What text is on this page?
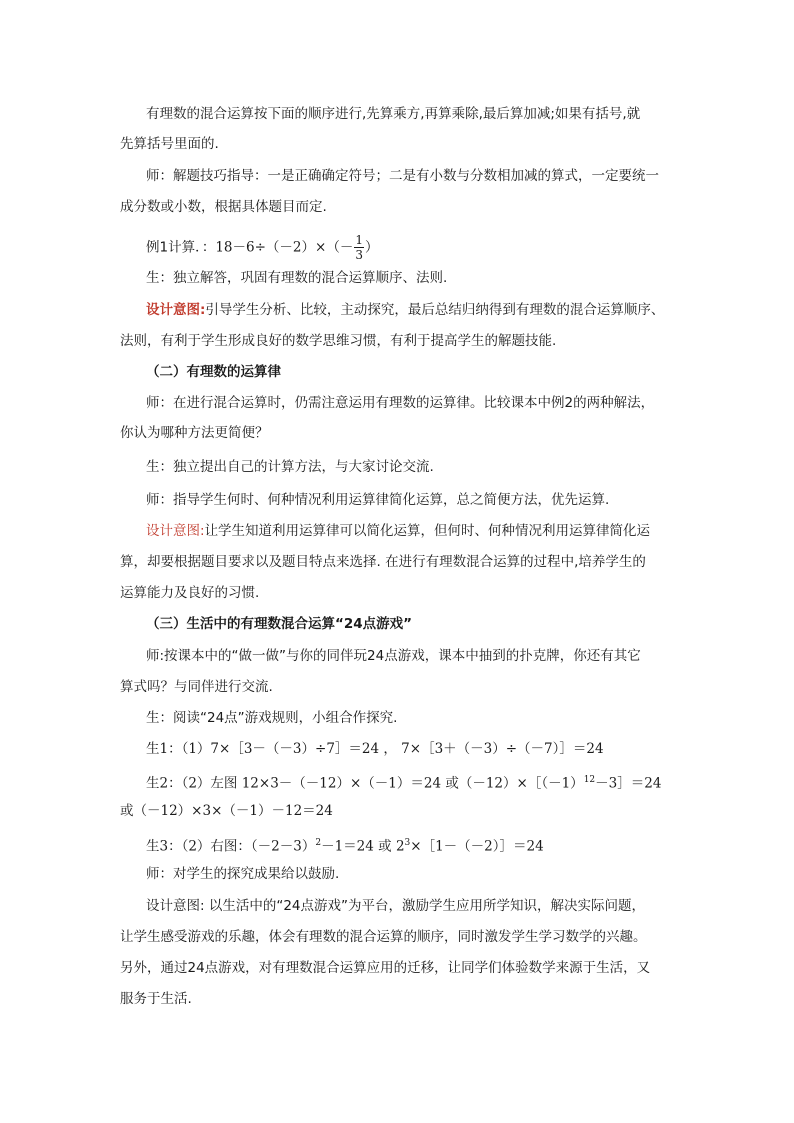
有理数的混合运算按下面的顺序进行,先算乘方,再算乘除,最后算加减;如果有括号,就
先算括号里面的.
师：解题技巧指导：一是正确确定符号；二是有小数与分数相加减的算式，一定要统一
成分数或小数，根据具体题目而定.
例1计算．：$18-6\div(-2)\times(- \frac{1}{3}$ ）
生：独立解答，巩固有理数的混合运算顺序、法则.
设计意图:引导学生分析、比较，主动探究，最后总结归纳得到有理数的混合运算顺序、
法则，有利于学生形成良好的数学思维习惯，有利于提高学生的解题技能.
（二）有理数的运算律
师：在进行混合运算时，仍需注意运用有理数的运算律。比较课本中例2的两种解法，
你认为哪种方法更简便？
生：独立提出自己的计算方法，与大家讨论交流.
师：指导学生何时、何种情况利用运算律简化运算，总之简便方法，优先运算.
设计意图:让学生知道利用运算律可以简化运算，但何时、何种情况利用运算律简化运
算，却要根据题目要求以及题目特点来选择. 在进行有理数混合运算的过程中,培养学生的
运算能力及良好的习惯.
（三）生活中的有理数混合运算“24点游戏”
师:按课本中的“做一做”与你的同伴玩24点游戏，课本中抽到的扑克牌，你还有其它
算式吗？与同伴进行交流.
生：阅读“24点”游戏规则，小组合作探究.
生1：（1）7×［3－（－3）÷7］＝24 ， 7×［3＋（－3）÷（－7）］＝24
生2：（2）左图 12×3－（－12）×（－1）＝24 或$(-12)\times[(-1)^{12}-3]=24$
或（－12）×3×（－1）－12＝24
生3：（2）右图：$(-2-3)^2-1=24$ 或 $2^3\times[1-(-2)]=24$
师：对学生的探究成果给以鼓励.
设计意图: 以生活中的“24点游戏”为平台，激励学生应用所学知识，解决实际问题，
让学生感受游戏的乐趣，体会有理数的混合运算的顺序，同时激发学生学习数学的兴趣。
另外，通过24点游戏，对有理数混合运算应用的迁移，让同学们体验数学来源于生活，又
服务于生活.
